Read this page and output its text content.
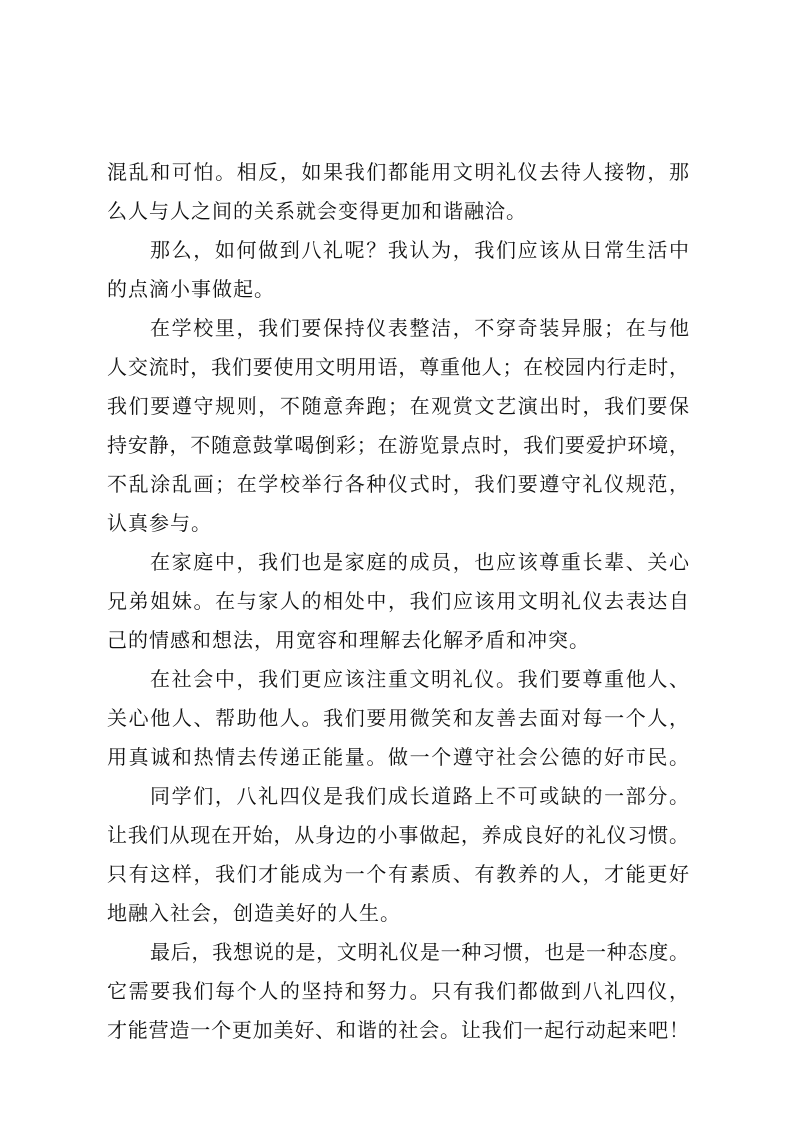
混乱和可怕。相反，如果我们都能用文明礼仪去待人接物，那
么人与人之间的关系就会变得更加和谐融洽。
那么，如何做到八礼呢？我认为，我们应该从日常生活中
的点滴小事做起。
在学校里，我们要保持仪表整洁，不穿奇装异服；在与他
人交流时，我们要使用文明用语，尊重他人；在校园内行走时，
我们要遵守规则，不随意奔跑；在观赏文艺演出时，我们要保
持安静，不随意鼓掌喝倒彩；在游览景点时，我们要爱护环境，
不乱涂乱画；在学校举行各种仪式时，我们要遵守礼仪规范，
认真参与。
在家庭中，我们也是家庭的成员，也应该尊重长辈、关心
兄弟姐妹。在与家人的相处中，我们应该用文明礼仪去表达自
己的情感和想法，用宽容和理解去化解矛盾和冲突。
在社会中，我们更应该注重文明礼仪。我们要尊重他人、
关心他人、帮助他人。我们要用微笑和友善去面对每一个人，
用真诚和热情去传递正能量。做一个遵守社会公德的好市民。
同学们，八礼四仪是我们成长道路上不可或缺的一部分。
让我们从现在开始，从身边的小事做起，养成良好的礼仪习惯。
只有这样，我们才能成为一个有素质、有教养的人，才能更好
地融入社会，创造美好的人生。
最后，我想说的是，文明礼仪是一种习惯，也是一种态度。
它需要我们每个人的坚持和努力。只有我们都做到八礼四仪，
才能营造一个更加美好、和谐的社会。让我们一起行动起来吧！
